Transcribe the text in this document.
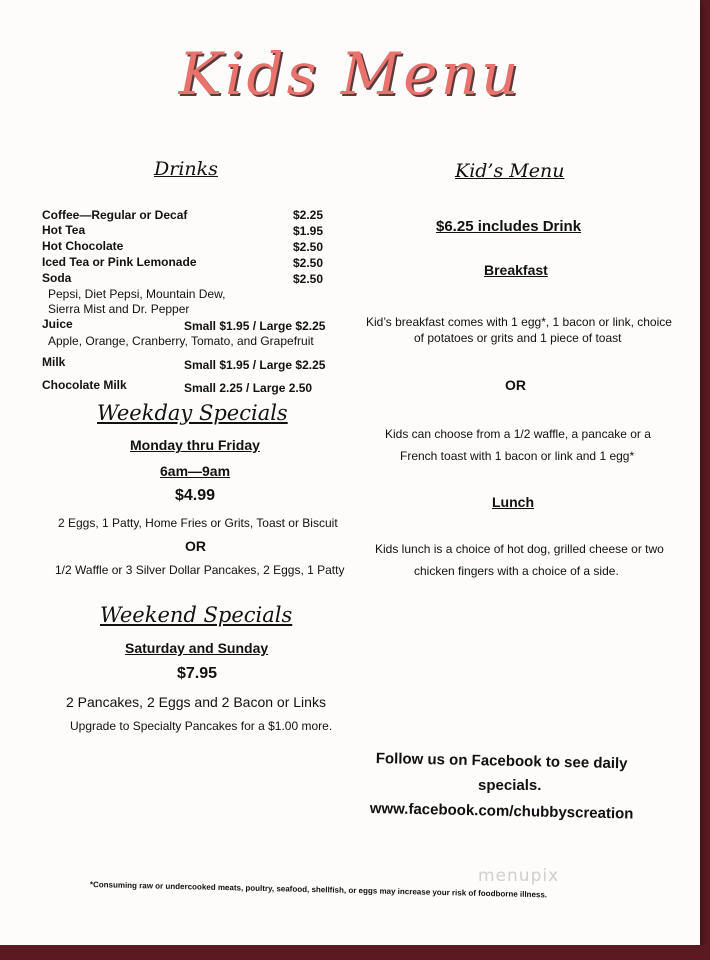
Kids Menu
Drinks
Coffee—Regular or Decaf	$2.25
Hot Tea	$1.95
Hot Chocolate	$2.50
Iced Tea or Pink Lemonade	$2.50
Soda	$2.50
Pepsi, Diet Pepsi, Mountain Dew,
Sierra Mist and Dr. Pepper
Juice	Small $1.95 / Large $2.25
Apple, Orange, Cranberry, Tomato, and Grapefruit
Milk	Small $1.95 / Large $2.25
Chocolate Milk	Small 2.25 / Large 2.50
Weekday Specials
Monday thru Friday
6am—9am
$4.99
2 Eggs, 1 Patty, Home Fries or Grits, Toast or Biscuit
OR
1/2 Waffle or 3 Silver Dollar Pancakes, 2 Eggs, 1 Patty
Weekend Specials
Saturday and Sunday
$7.95
2 Pancakes, 2 Eggs and 2 Bacon or Links
Upgrade to Specialty Pancakes for a $1.00 more.
Kid’s Menu
$6.25 includes Drink
Breakfast
Kid’s breakfast comes with 1 egg*, 1 bacon or link, choice
of potatoes or grits and 1 piece of toast
OR
Kids can choose from a 1/2 waffle, a pancake or a
French toast with 1 bacon or link and 1 egg*
Lunch
Kids lunch is a choice of hot dog, grilled cheese or two
chicken fingers with a choice of a side.
Follow us on Facebook to see daily
specials.
www.facebook.com/chubbyscreation
menupix
*Consuming raw or undercooked meats, poultry, seafood, shellfish, or eggs may increase your risk of foodborne illness.
